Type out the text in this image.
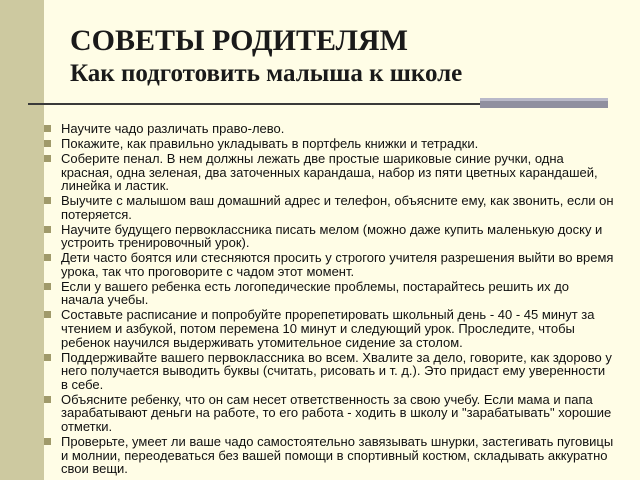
СОВЕТЫ РОДИТЕЛЯМ
Как подготовить малыша к школе
Научите чадо различать право-лево.
Покажите, как правильно укладывать в портфель книжки и тетрадки.
Соберите пенал. В нем должны лежать две простые шариковые синие ручки, одна красная, одна зеленая, два заточенных карандаша, набор из пяти цветных карандашей, линейка и ластик.
Выучите с малышом ваш домашний адрес и телефон, объясните ему, как звонить, если он потеряется.
Научите будущего первоклассника писать мелом (можно даже купить маленькую доску и устроить тренировочный урок).
Дети часто боятся или стесняются просить у строгого учителя разрешения выйти во время урока, так что проговорите с чадом этот момент.
Если у вашего ребенка есть логопедические проблемы, постарайтесь решить их до начала учебы.
Составьте расписание и попробуйте прорепетировать школьный день - 40 - 45 минут за чтением и азбукой, потом перемена 10 минут и следующий урок. Проследите, чтобы ребенок научился выдерживать утомительное сидение за столом.
Поддерживайте вашего первоклассника во всем. Хвалите за дело, говорите, как здорово у него получается выводить буквы (считать, рисовать и т. д.). Это придаст ему уверенности в себе.
Объясните ребенку, что он сам несет ответственность за свою учебу. Если мама и папа зарабатывают деньги на работе, то его работа - ходить в школу и "зарабатывать" хорошие отметки.
Проверьте, умеет ли ваше чадо самостоятельно завязывать шнурки, застегивать пуговицы и молнии, переодеваться без вашей помощи в спортивный костюм, складывать аккуратно свои вещи.
